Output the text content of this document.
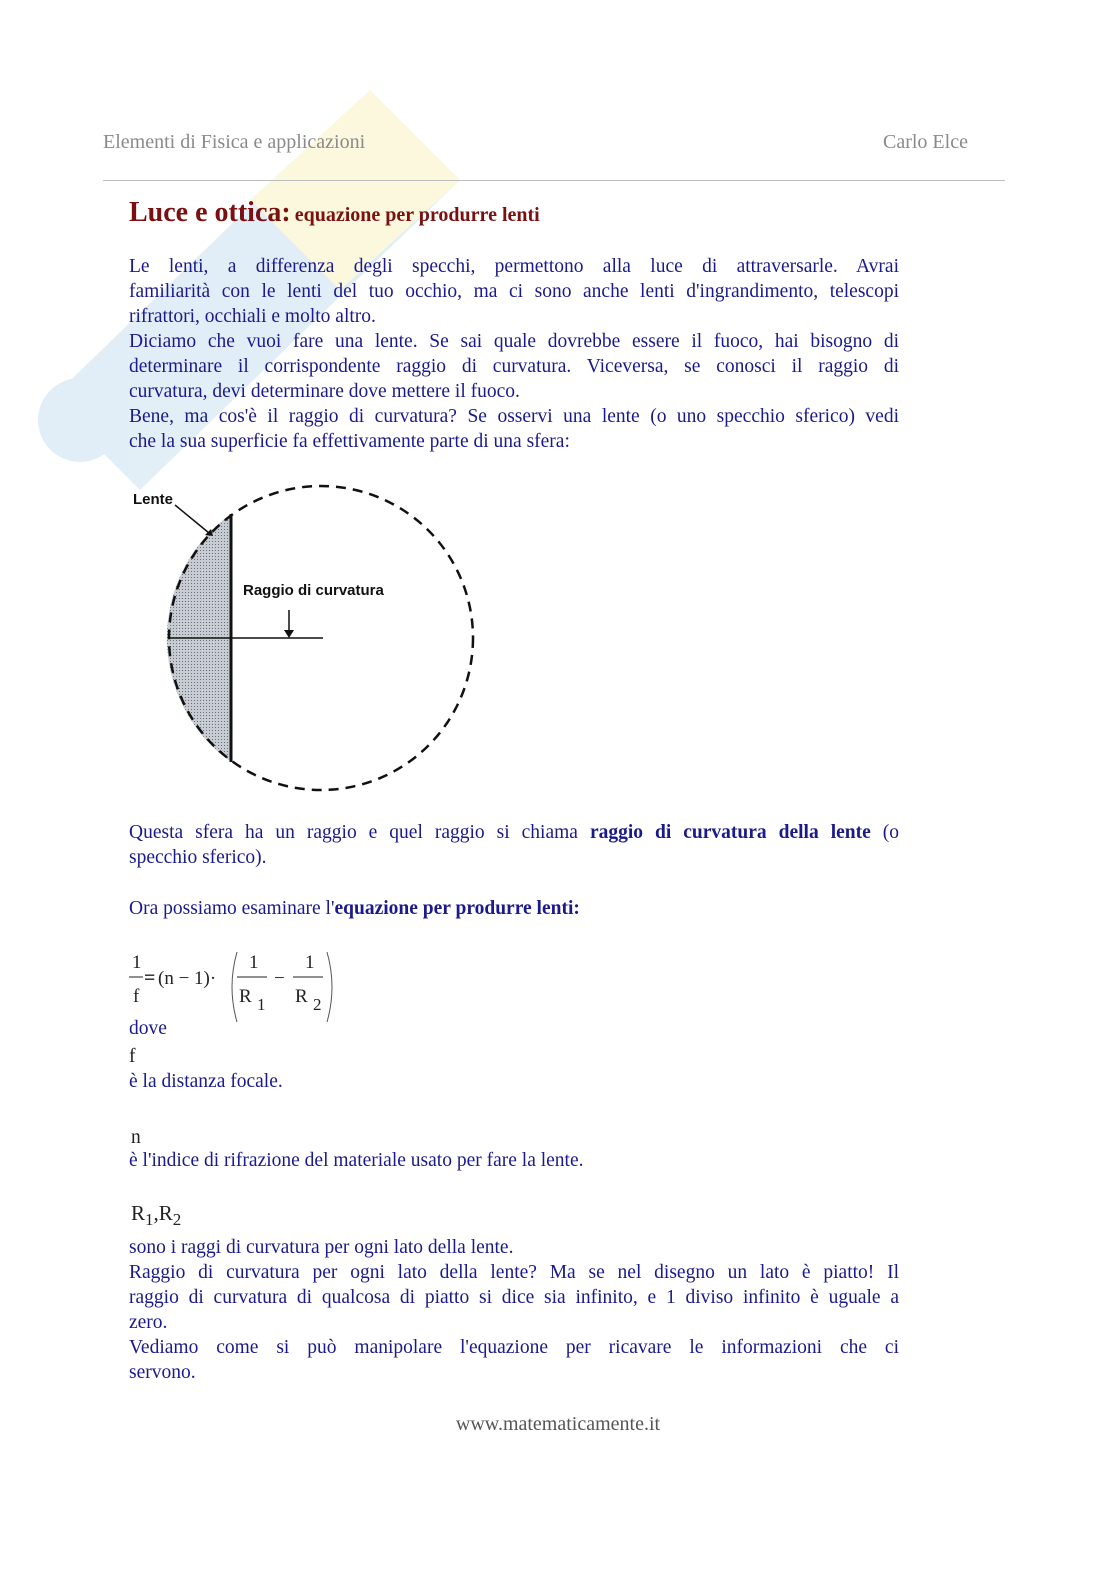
Elementi di Fisica e applicazioni	Carlo Elce
Luce e ottica: equazione per produrre lenti
Le lenti, a differenza degli specchi, permettono alla luce di attraversarle. Avrai
familiarità con le lenti del tuo occhio, ma ci sono anche lenti d'ingrandimento, telescopi
rifrattori, occhiali e molto altro.
Diciamo che vuoi fare una lente. Se sai quale dovrebbe essere il fuoco, hai bisogno di
determinare il corrispondente raggio di curvatura. Viceversa, se conosci il raggio di
curvatura, devi determinare dove mettere il fuoco.
Bene, ma cos'è il raggio di curvatura? Se osservi una lente (o uno specchio sferico) vedi
che la sua superficie fa effettivamente parte di una sfera:
Lente
Raggio di curvatura
Questa sfera ha un raggio e quel raggio si chiama raggio di curvatura della lente (o
specchio sferico).
Ora possiamo esaminare l'equazione per produrre lenti:
1
f
= (n − 1)·
1
R 1
−
1
R 2
dove
f
è la distanza focale.
n
è l'indice di rifrazione del materiale usato per fare la lente.
$R_1,R_2$
sono i raggi di curvatura per ogni lato della lente.
Raggio di curvatura per ogni lato della lente? Ma se nel disegno un lato è piatto! Il
raggio di curvatura di qualcosa di piatto si dice sia infinito, e 1 diviso infinito è uguale a
zero.
Vediamo come si può manipolare l'equazione per ricavare le informazioni che ci
servono.
www.matematicamente.it
